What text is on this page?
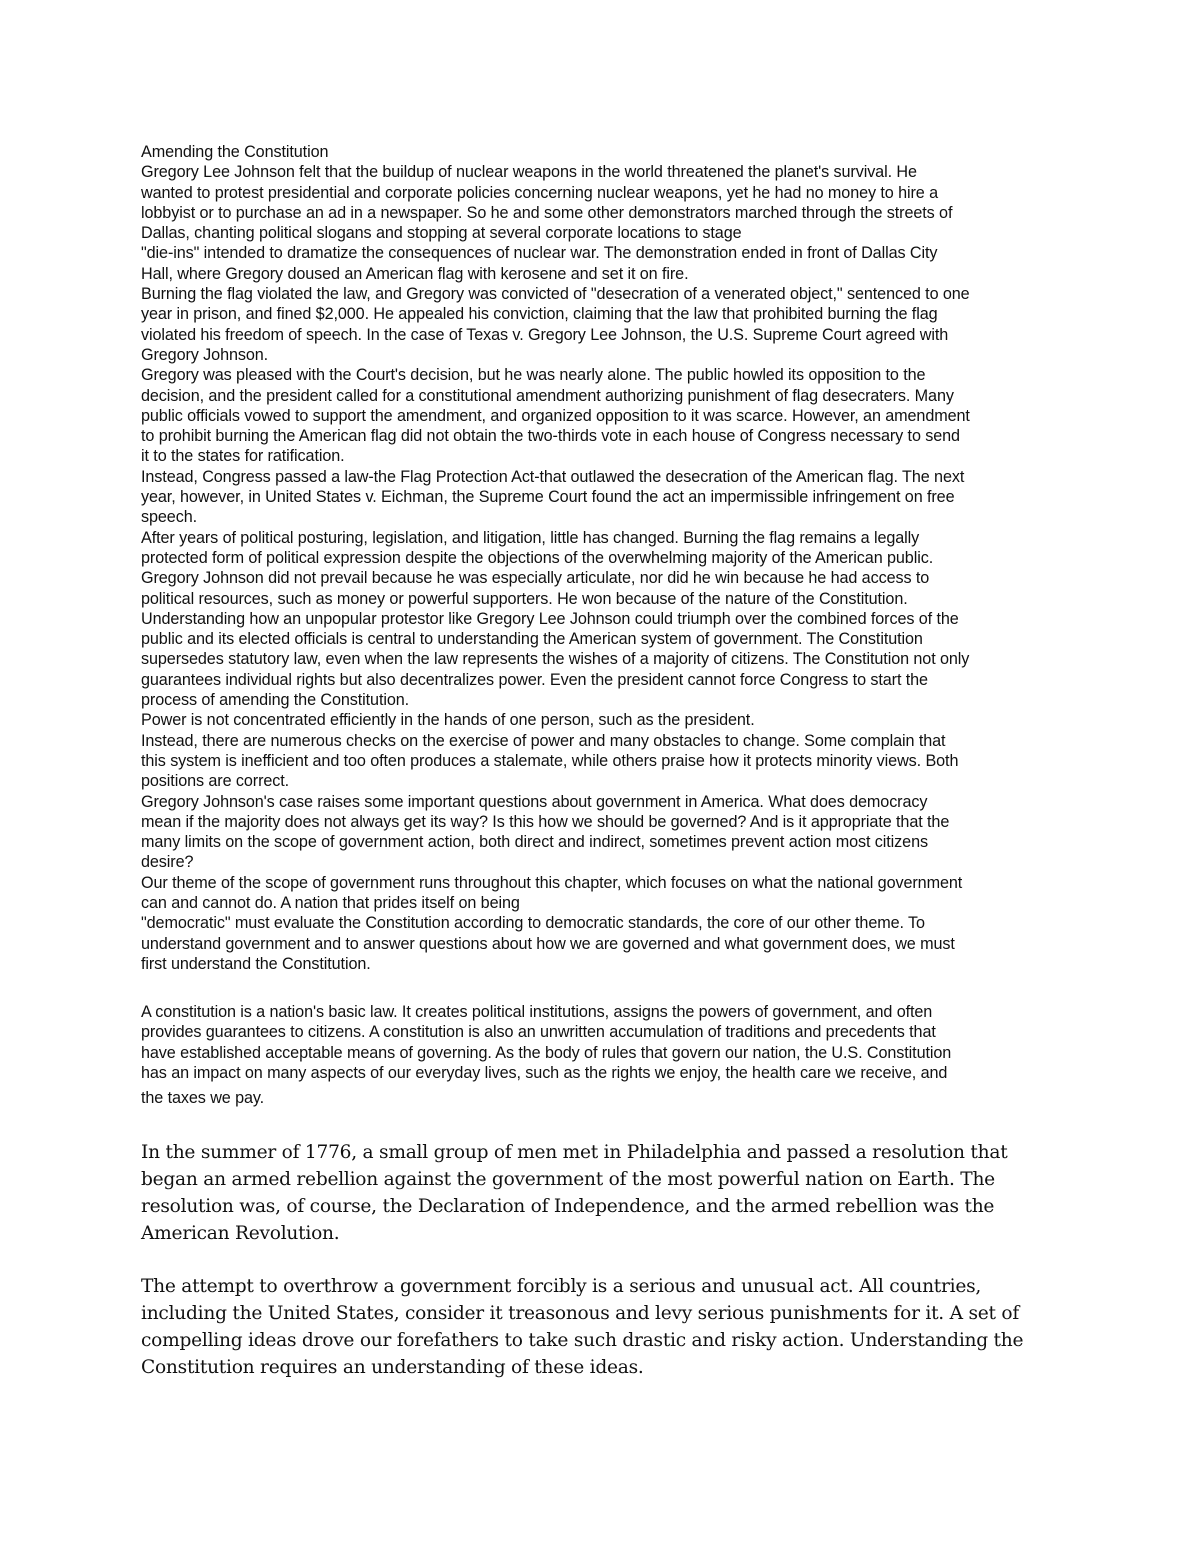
Amending the Constitution
Gregory Lee Johnson felt that the buildup of nuclear weapons in the world threatened the planet's survival. He
wanted to protest presidential and corporate policies concerning nuclear weapons, yet he had no money to hire a
lobbyist or to purchase an ad in a newspaper. So he and some other demonstrators marched through the streets of
Dallas, chanting political slogans and stopping at several corporate locations to stage
"die-ins" intended to dramatize the consequences of nuclear war. The demonstration ended in front of Dallas City
Hall, where Gregory doused an American flag with kerosene and set it on fire.
Burning the flag violated the law, and Gregory was convicted of "desecration of a venerated object," sentenced to one
year in prison, and fined $2,000. He appealed his conviction, claiming that the law that prohibited burning the flag
violated his freedom of speech. In the case of Texas v. Gregory Lee Johnson, the U.S. Supreme Court agreed with
Gregory Johnson.
Gregory was pleased with the Court's decision, but he was nearly alone. The public howled its opposition to the
decision, and the president called for a constitutional amendment authorizing punishment of flag desecraters. Many
public officials vowed to support the amendment, and organized opposition to it was scarce. However, an amendment
to prohibit burning the American flag did not obtain the two-thirds vote in each house of Congress necessary to send
it to the states for ratification.
Instead, Congress passed a law-the Flag Protection Act-that outlawed the desecration of the American flag. The next
year, however, in United States v. Eichman, the Supreme Court found the act an impermissible infringement on free
speech.
After years of political posturing, legislation, and litigation, little has changed. Burning the flag remains a legally
protected form of political expression despite the objections of the overwhelming majority of the American public.
Gregory Johnson did not prevail because he was especially articulate, nor did he win because he had access to
political resources, such as money or powerful supporters. He won because of the nature of the Constitution.
Understanding how an unpopular protestor like Gregory Lee Johnson could triumph over the combined forces of the
public and its elected officials is central to understanding the American system of government. The Constitution
supersedes statutory law, even when the law represents the wishes of a majority of citizens. The Constitution not only
guarantees individual rights but also decentralizes power. Even the president cannot force Congress to start the
process of amending the Constitution.
Power is not concentrated efficiently in the hands of one person, such as the president.
Instead, there are numerous checks on the exercise of power and many obstacles to change. Some complain that
this system is inefficient and too often produces a stalemate, while others praise how it protects minority views. Both
positions are correct.
Gregory Johnson's case raises some important questions about government in America. What does democracy
mean if the majority does not always get its way? Is this how we should be governed? And is it appropriate that the
many limits on the scope of government action, both direct and indirect, sometimes prevent action most citizens
desire?
Our theme of the scope of government runs throughout this chapter, which focuses on what the national government
can and cannot do. A nation that prides itself on being
"democratic" must evaluate the Constitution according to democratic standards, the core of our other theme. To
understand government and to answer questions about how we are governed and what government does, we must
first understand the Constitution.
A constitution is a nation's basic law. It creates political institutions, assigns the powers of government, and often
provides guarantees to citizens. A constitution is also an unwritten accumulation of traditions and precedents that
have established acceptable means of governing. As the body of rules that govern our nation, the U.S. Constitution
has an impact on many aspects of our everyday lives, such as the rights we enjoy, the health care we receive, and
the taxes we pay.
In the summer of 1776, a small group of men met in Philadelphia and passed a resolution that
began an armed rebellion against the government of the most powerful nation on Earth. The
resolution was, of course, the Declaration of Independence, and the armed rebellion was the
American Revolution.
The attempt to overthrow a government forcibly is a serious and unusual act. All countries,
including the United States, consider it treasonous and levy serious punishments for it. A set of
compelling ideas drove our forefathers to take such drastic and risky action. Understanding the
Constitution requires an understanding of these ideas.
